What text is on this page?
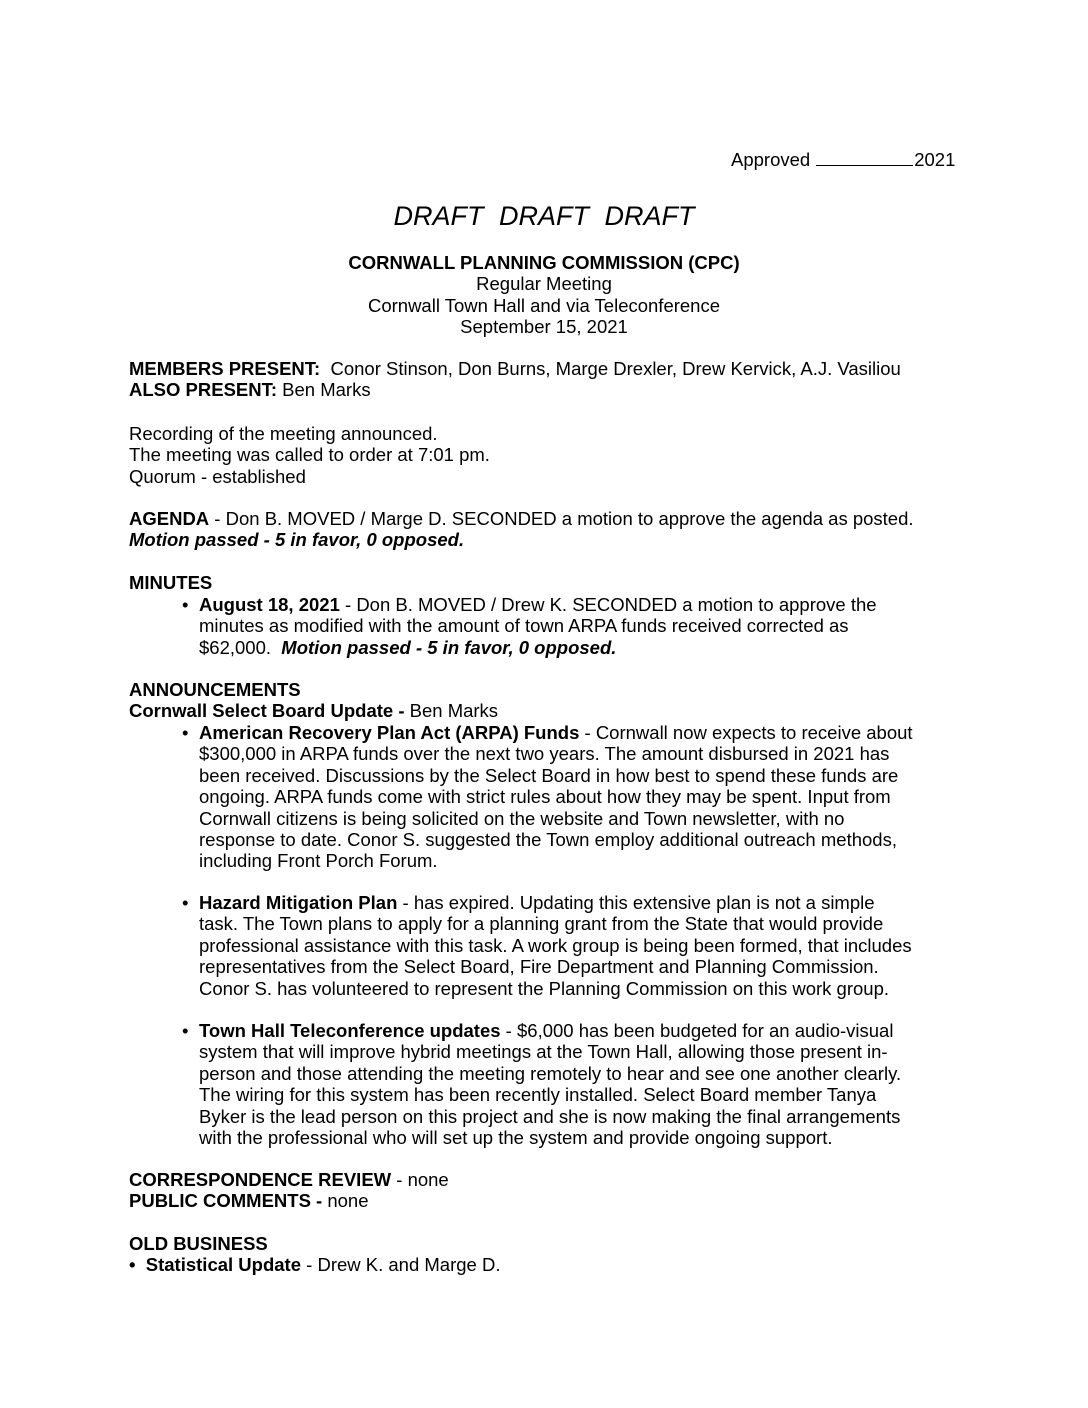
Approved	2021
DRAFT DRAFT DRAFT
CORNWALL PLANNING COMMISSION (CPC)
Regular Meeting
Cornwall Town Hall and via Teleconference
September 15, 2021
MEMBERS PRESENT: Conor Stinson, Don Burns, Marge Drexler, Drew Kervick, A.J. Vasiliou
ALSO PRESENT: Ben Marks
Recording of the meeting announced.
The meeting was called to order at 7:01 pm.
Quorum - established
AGENDA - Don B. MOVED / Marge D. SECONDED a motion to approve the agenda as posted.
Motion passed - 5 in favor, 0 opposed.
MINUTES
• August 18, 2021 - Don B. MOVED / Drew K. SECONDED a motion to approve the
minutes as modified with the amount of town ARPA funds received corrected as
$62,000. Motion passed - 5 in favor, 0 opposed.
ANNOUNCEMENTS
Cornwall Select Board Update - Ben Marks
• American Recovery Plan Act (ARPA) Funds - Cornwall now expects to receive about
$300,000 in ARPA funds over the next two years. The amount disbursed in 2021 has
been received. Discussions by the Select Board in how best to spend these funds are
ongoing. ARPA funds come with strict rules about how they may be spent. Input from
Cornwall citizens is being solicited on the website and Town newsletter, with no
response to date. Conor S. suggested the Town employ additional outreach methods,
including Front Porch Forum.
• Hazard Mitigation Plan - has expired. Updating this extensive plan is not a simple
task. The Town plans to apply for a planning grant from the State that would provide
professional assistance with this task. A work group is being been formed, that includes
representatives from the Select Board, Fire Department and Planning Commission.
Conor S. has volunteered to represent the Planning Commission on this work group.
• Town Hall Teleconference updates - $6,000 has been budgeted for an audio-visual
system that will improve hybrid meetings at the Town Hall, allowing those present in-
person and those attending the meeting remotely to hear and see one another clearly.
The wiring for this system has been recently installed. Select Board member Tanya
Byker is the lead person on this project and she is now making the final arrangements
with the professional who will set up the system and provide ongoing support.
CORRESPONDENCE REVIEW - none
PUBLIC COMMENTS - none
OLD BUSINESS
• Statistical Update - Drew K. and Marge D.
